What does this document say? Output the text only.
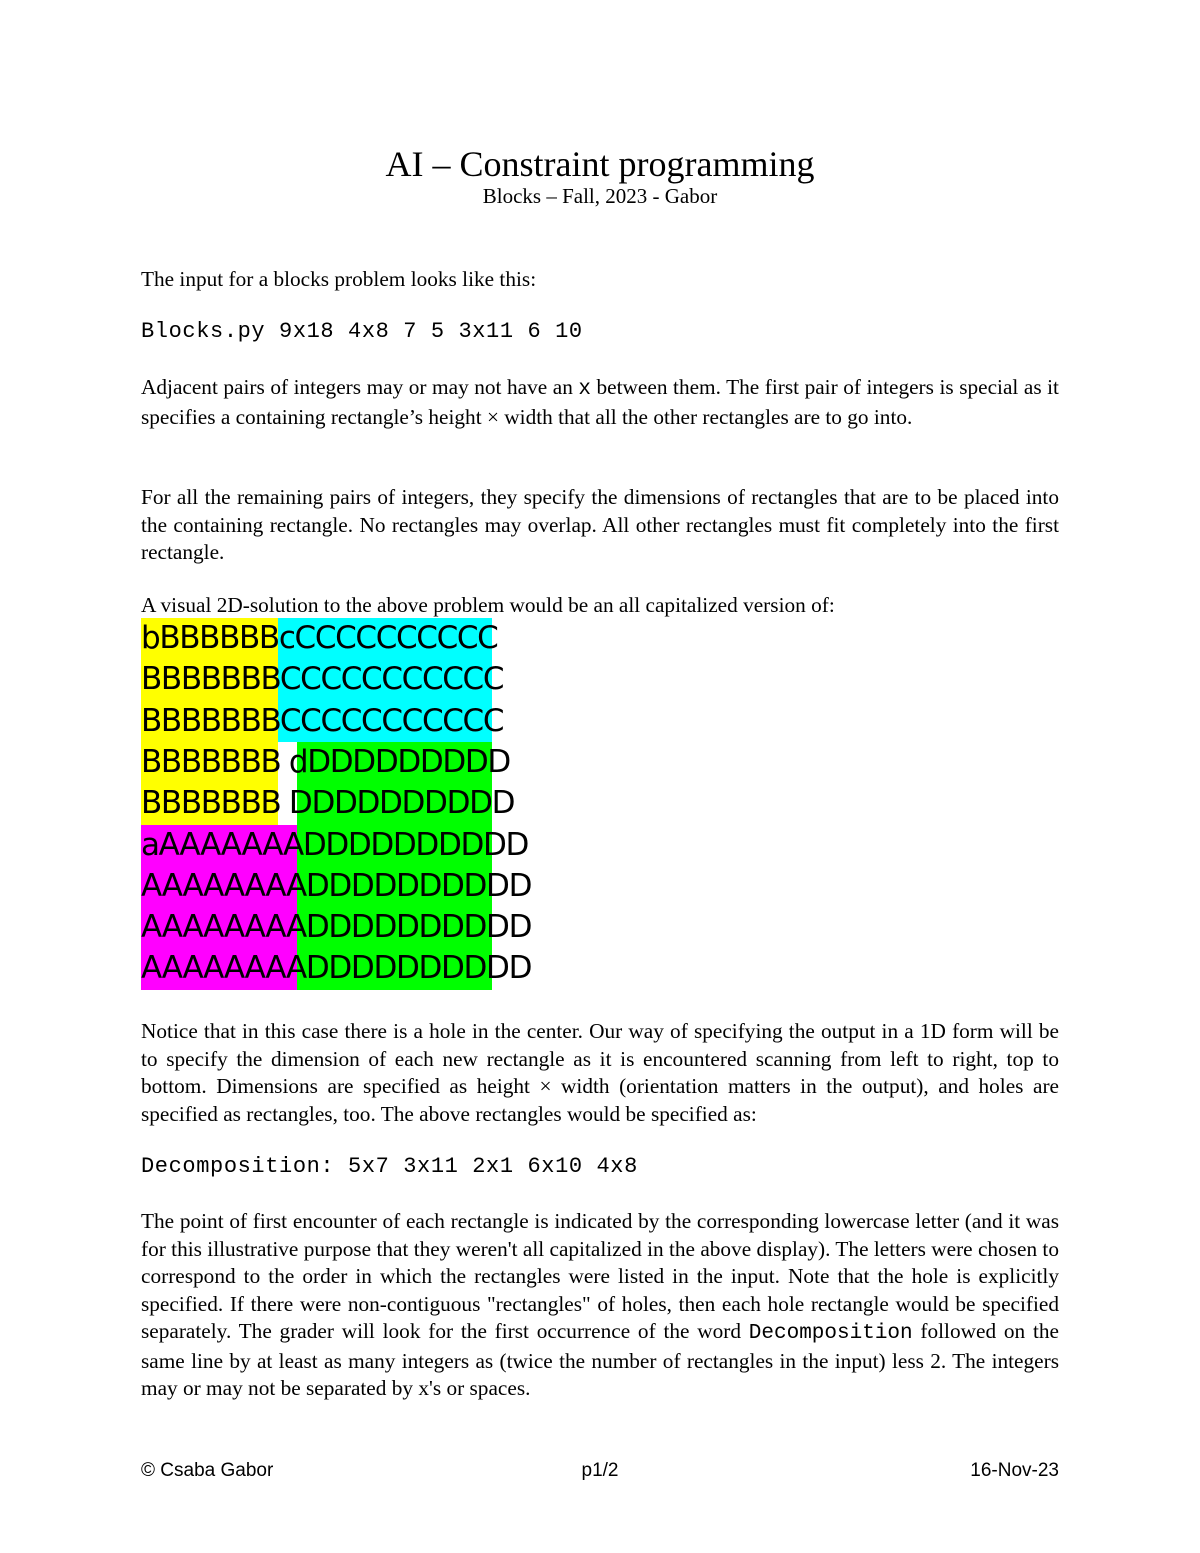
AI – Constraint programming
Blocks – Fall, 2023 - Gabor

The input for a blocks problem looks like this:

Blocks.py 9x18 4x8 7 5 3x11 6 10

Adjacent pairs of integers may or may not have an x between them. The first pair of integers is special as it specifies a containing rectangle’s height × width that all the other rectangles are to go into.

For all the remaining pairs of integers, they specify the dimensions of rectangles that are to be placed into the containing rectangle. No rectangles may overlap. All other rectangles must fit completely into the first rectangle.

A visual 2D-solution to the above problem would be an all capitalized version of:

bBBBBBBcCCCCCCCCCC
BBBBBBBCCCCCCCCCCC
BBBBBBBCCCCCCCCCCC
BBBBBBB dDDDDDDDDD
BBBBBBB DDDDDDDDDD
aAAAAAAADDDDDDDDDD
AAAAAAAADDDDDDDDDD
AAAAAAAADDDDDDDDDD
AAAAAAAADDDDDDDDDD

Notice that in this case there is a hole in the center. Our way of specifying the output in a 1D form will be to specify the dimension of each new rectangle as it is encountered scanning from left to right, top to bottom. Dimensions are specified as height × width (orientation matters in the output), and holes are specified as rectangles, too. The above rectangles would be specified as:

Decomposition: 5x7 3x11 2x1 6x10 4x8

The point of first encounter of each rectangle is indicated by the corresponding lowercase letter (and it was for this illustrative purpose that they weren't all capitalized in the above display). The letters were chosen to correspond to the order in which the rectangles were listed in the input. Note that the hole is explicitly specified. If there were non-contiguous "rectangles" of holes, then each hole rectangle would be specified separately. The grader will look for the first occurrence of the word Decomposition followed on the same line by at least as many integers as (twice the number of rectangles in the input) less 2. The integers may or may not be separated by x's or spaces.

© Csaba Gabor	p1/2	16-Nov-23
